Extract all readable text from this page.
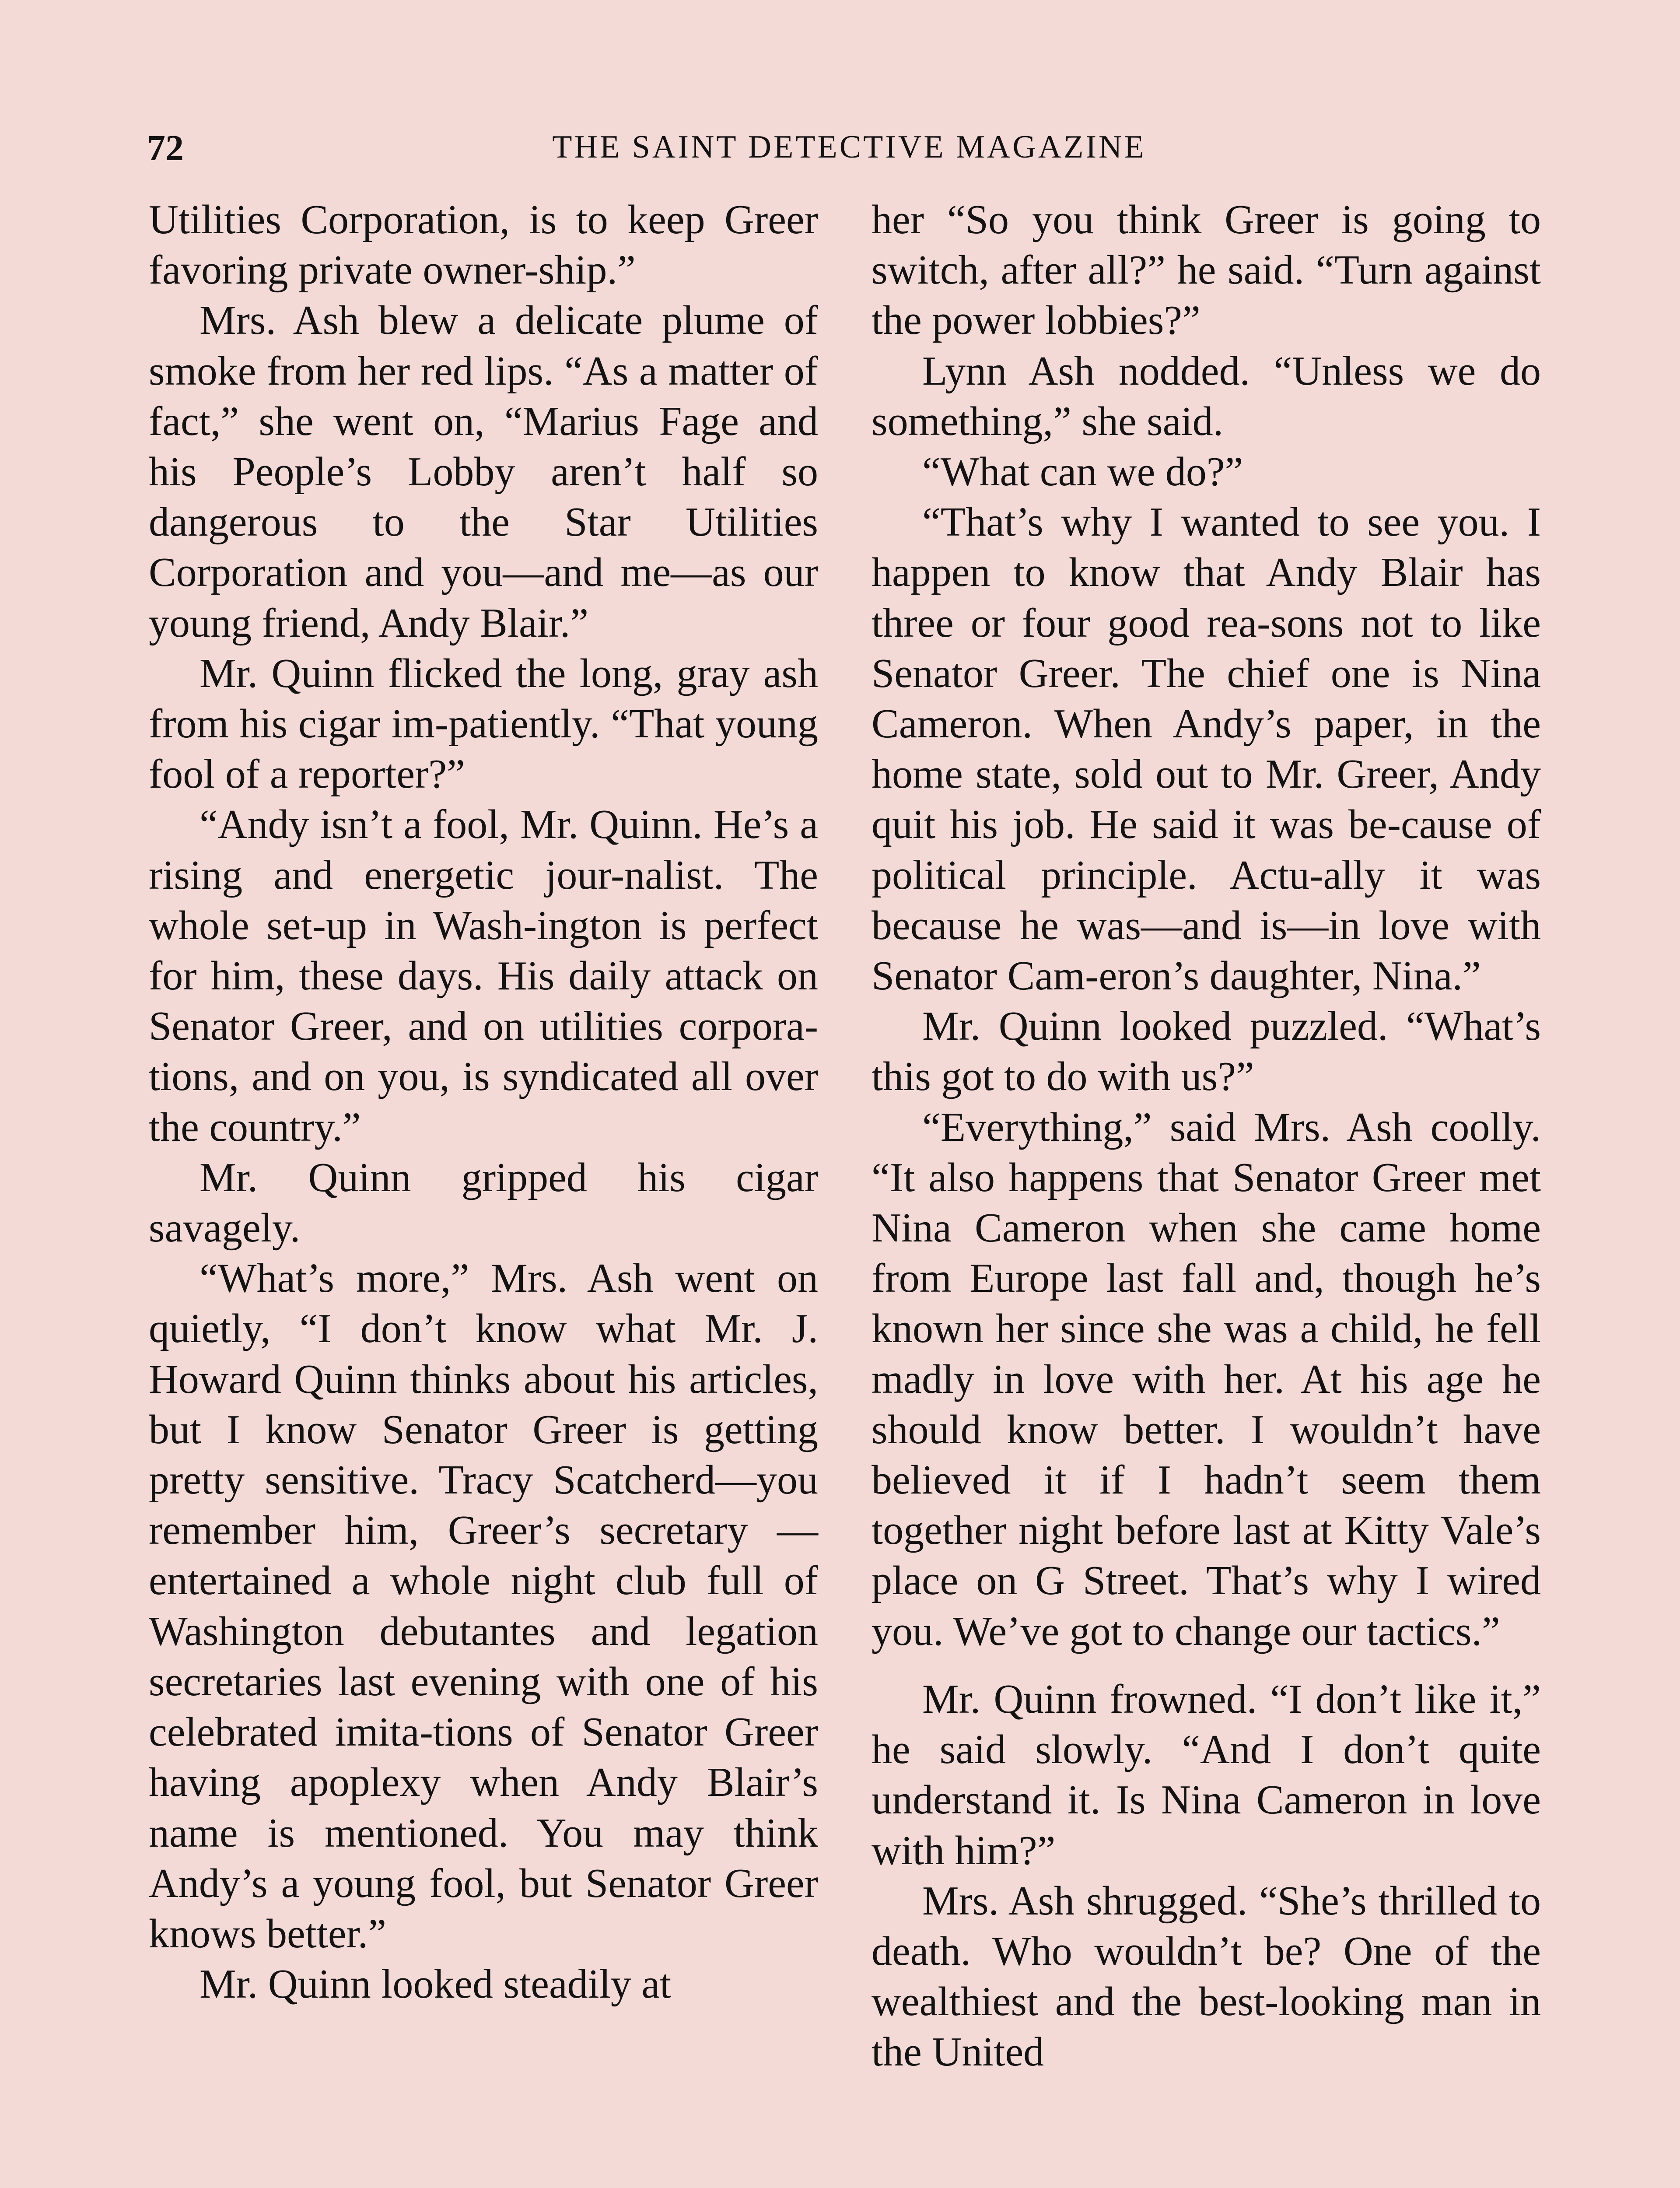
72	THE SAINT DETECTIVE MAGAZINE

Utilities Corporation, is to keep Greer favoring private owner-ship.”

Mrs. Ash blew a delicate plume of smoke from her red lips. “As a matter of fact,” she went on, “Marius Fage and his People’s Lobby aren’t half so dangerous to the Star Utilities Corporation and you—and me—as our young friend, Andy Blair.”

Mr. Quinn flicked the long, gray ash from his cigar im-patiently. “That young fool of a reporter?”

“Andy isn’t a fool, Mr. Quinn. He’s a rising and energetic jour-nalist. The whole set-up in Wash-ington is perfect for him, these days. His daily attack on Senator Greer, and on utilities corpora-tions, and on you, is syndicated all over the country.”

Mr. Quinn gripped his cigar savagely.

“What’s more,” Mrs. Ash went on quietly, “I don’t know what Mr. J. Howard Quinn thinks about his articles, but I know Senator Greer is getting pretty sensitive. Tracy Scatcherd—you remember him, Greer’s secretary —entertained a whole night club full of Washington debutantes and legation secretaries last evening with one of his celebrated imita-tions of Senator Greer having apoplexy when Andy Blair’s name is mentioned. You may think Andy’s a young fool, but Senator Greer knows better.”

Mr. Quinn looked steadily at

her “So you think Greer is going to switch, after all?” he said. “Turn against the power lobbies?”

Lynn Ash nodded. “Unless we do something,” she said.

“What can we do?”

“That’s why I wanted to see you. I happen to know that Andy Blair has three or four good rea-sons not to like Senator Greer. The chief one is Nina Cameron. When Andy’s paper, in the home state, sold out to Mr. Greer, Andy quit his job. He said it was be-cause of political principle. Actu-ally it was because he was—and is—in love with Senator Cam-eron’s daughter, Nina.”

Mr. Quinn looked puzzled. “What’s this got to do with us?”

“Everything,” said Mrs. Ash coolly. “It also happens that Senator Greer met Nina Cameron when she came home from Europe last fall and, though he’s known her since she was a child, he fell madly in love with her. At his age he should know better. I wouldn’t have believed it if I hadn’t seem them together night before last at Kitty Vale’s place on G Street. That’s why I wired you. We’ve got to change our tactics.”

Mr. Quinn frowned. “I don’t like it,” he said slowly. “And I don’t quite understand it. Is Nina Cameron in love with him?”

Mrs. Ash shrugged. “She’s thrilled to death. Who wouldn’t be? One of the wealthiest and the best-looking man in the United
